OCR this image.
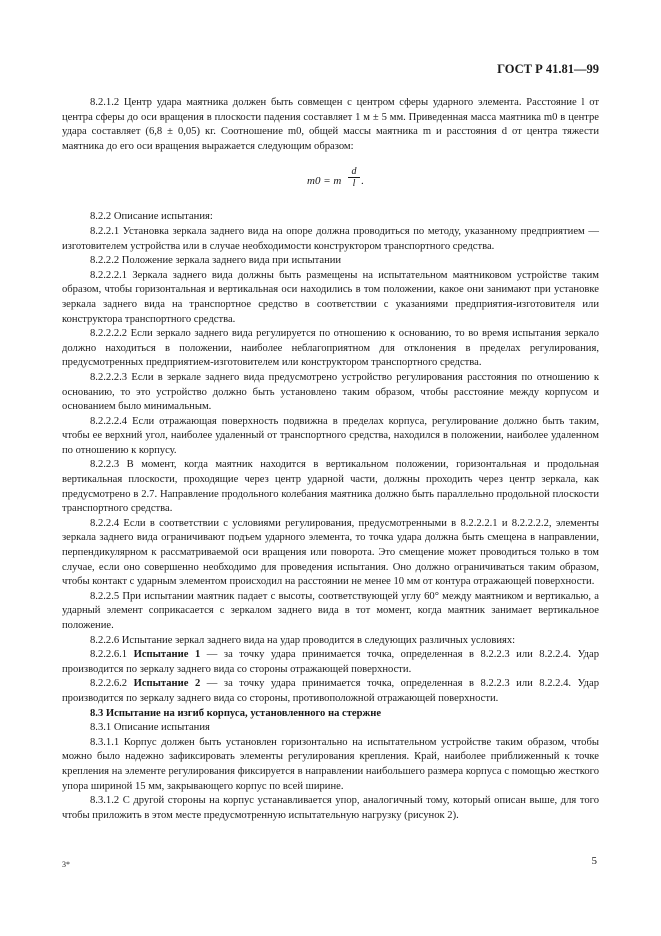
ГОСТ Р 41.81—99

8.2.1.2 Центр удара маятника должен быть совмещен с центром сферы ударного элемента. Расстояние l от центра сферы до оси вращения в плоскости падения составляет 1 м ± 5 мм. Приведенная масса маятника m0 в центре удара составляет (6,8 ± 0,05) кг. Соотношение m0, общей массы маятника m и расстояния d от центра тяжести маятника до его оси вращения выражается следующим образом:

m0 = m $\frac{d}{l}$ .

8.2.2 Описание испытания:

8.2.2.1 Установка зеркала заднего вида на опоре должна проводиться по методу, указанному предприятием — изготовителем устройства или в случае необходимости конструктором транспортного средства.

8.2.2.2 Положение зеркала заднего вида при испытании

8.2.2.2.1 Зеркала заднего вида должны быть размещены на испытательном маятниковом устройстве таким образом, чтобы горизонтальная и вертикальная оси находились в том положении, какое они занимают при установке зеркала заднего вида на транспортное средство в соответствии с указаниями предприятия-изготовителя или конструктора транспортного средства.

8.2.2.2.2 Если зеркало заднего вида регулируется по отношению к основанию, то во время испытания зеркало должно находиться в положении, наиболее неблагоприятном для отклонения в пределах регулирования, предусмотренных предприятием-изготовителем или конструктором транспортного средства.

8.2.2.2.3 Если в зеркале заднего вида предусмотрено устройство регулирования расстояния по отношению к основанию, то это устройство должно быть установлено таким образом, чтобы расстояние между корпусом и основанием было минимальным.

8.2.2.2.4 Если отражающая поверхность подвижна в пределах корпуса, регулирование должно быть таким, чтобы ее верхний угол, наиболее удаленный от транспортного средства, находился в положении, наиболее удаленном по отношению к корпусу.

8.2.2.3 В момент, когда маятник находится в вертикальном положении, горизонтальная и продольная вертикальная плоскости, проходящие через центр ударной части, должны проходить через центр зеркала, как предусмотрено в 2.7. Направление продольного колебания маятника должно быть параллельно продольной плоскости транспортного средства.

8.2.2.4 Если в соответствии с условиями регулирования, предусмотренными в 8.2.2.2.1 и 8.2.2.2.2, элементы зеркала заднего вида ограничивают подъем ударного элемента, то точка удара должна быть смещена в направлении, перпендикулярном к рассматриваемой оси вращения или поворота. Это смещение может проводиться только в том случае, если оно совершенно необходимо для проведения испытания. Оно должно ограничиваться таким образом, чтобы контакт с ударным элементом происходил на расстоянии не менее 10 мм от контура отражающей поверхности.

8.2.2.5 При испытании маятник падает с высоты, соответствующей углу 60° между маятником и вертикалью, а ударный элемент соприкасается с зеркалом заднего вида в тот момент, когда маятник занимает вертикальное положение.

8.2.2.6 Испытание зеркал заднего вида на удар проводится в следующих различных условиях:

8.2.2.6.1 Испытание 1 — за точку удара принимается точка, определенная в 8.2.2.3 или 8.2.2.4. Удар производится по зеркалу заднего вида со стороны отражающей поверхности.

8.2.2.6.2 Испытание 2 — за точку удара принимается точка, определенная в 8.2.2.3 или 8.2.2.4. Удар производится по зеркалу заднего вида со стороны, противоположной отражающей поверхности.

8.3 Испытание на изгиб корпуса, установленного на стержне

8.3.1 Описание испытания

8.3.1.1 Корпус должен быть установлен горизонтально на испытательном устройстве таким образом, чтобы можно было надежно зафиксировать элементы регулирования крепления. Край, наиболее приближенный к точке крепления на элементе регулирования фиксируется в направлении наибольшего размера корпуса с помощью жесткого упора шириной 15 мм, закрывающего корпус по всей ширине.

8.3.1.2 С другой стороны на корпус устанавливается упор, аналогичный тому, который описан выше, для того чтобы приложить в этом месте предусмотренную испытательную нагрузку (рисунок 2).

3*	5
